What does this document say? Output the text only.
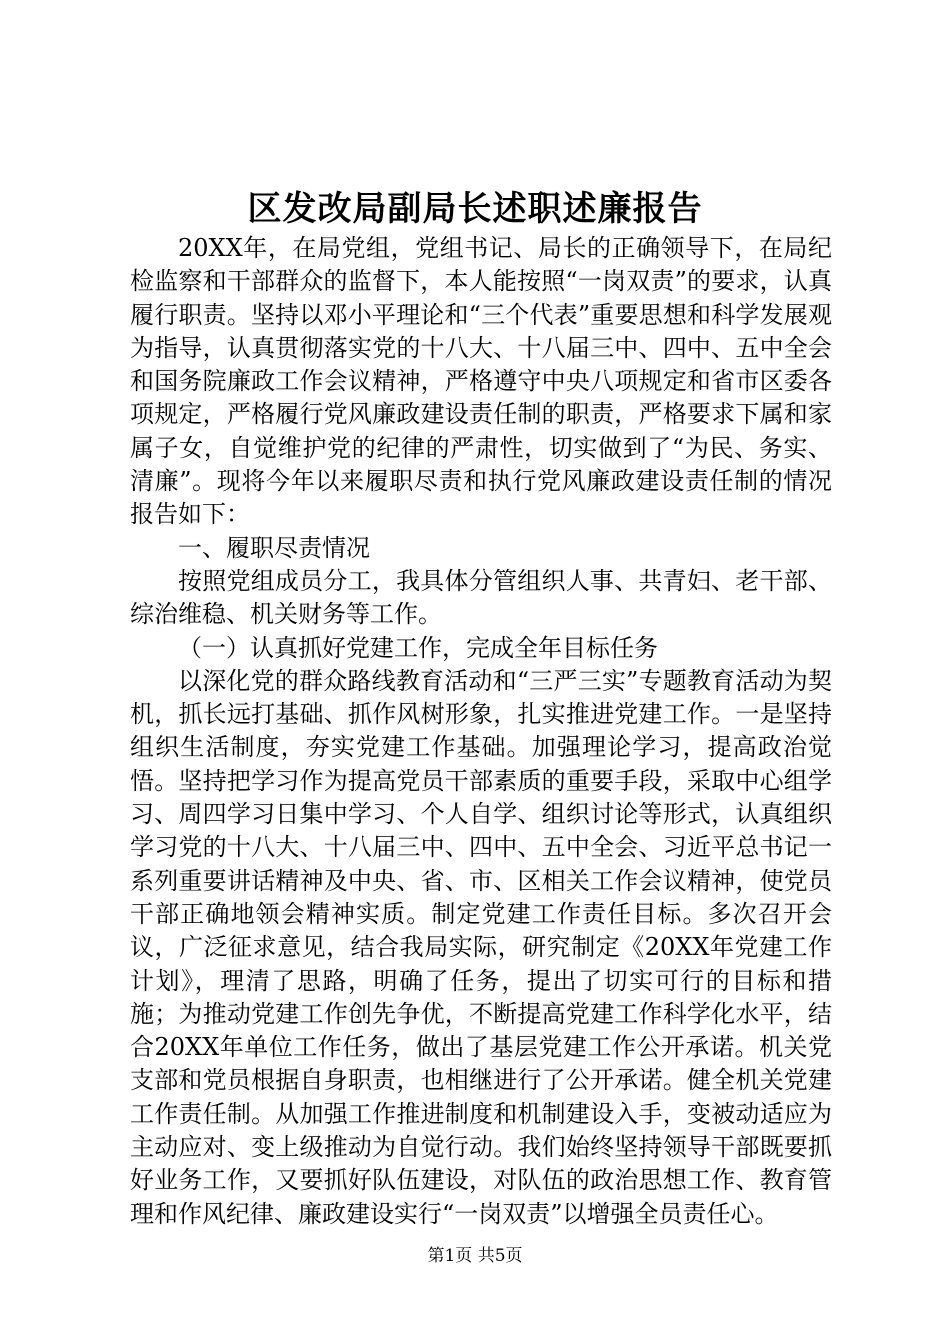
区发改局副局长述职述廉报告

20XX年，在局党组，党组书记、局长的正确领导下，在局纪检监察和干部群众的监督下，本人能按照“一岗双责”的要求，认真履行职责。坚持以邓小平理论和“三个代表”重要思想和科学发展观为指导，认真贯彻落实党的十八大、十八届三中、四中、五中全会和国务院廉政工作会议精神，严格遵守中央八项规定和省市区委各项规定，严格履行党风廉政建设责任制的职责，严格要求下属和家属子女，自觉维护党的纪律的严肃性，切实做到了“为民、务实、清廉”。现将今年以来履职尽责和执行党风廉政建设责任制的情况报告如下：

一、履职尽责情况

按照党组成员分工，我具体分管组织人事、共青妇、老干部、综治维稳、机关财务等工作。

（一）认真抓好党建工作，完成全年目标任务

以深化党的群众路线教育活动和“三严三实”专题教育活动为契机，抓长远打基础、抓作风树形象，扎实推进党建工作。一是坚持组织生活制度，夯实党建工作基础。加强理论学习，提高政治觉悟。坚持把学习作为提高党员干部素质的重要手段，采取中心组学习、周四学习日集中学习、个人自学、组织讨论等形式，认真组织学习党的十八大、十八届三中、四中、五中全会、习近平总书记一系列重要讲话精神及中央、省、市、区相关工作会议精神，使党员干部正确地领会精神实质。制定党建工作责任目标。多次召开会议，广泛征求意见，结合我局实际，研究制定《20XX年党建工作计划》，理清了思路，明确了任务，提出了切实可行的目标和措施；为推动党建工作创先争优，不断提高党建工作科学化水平，结合20XX年单位工作任务，做出了基层党建工作公开承诺。机关党支部和党员根据自身职责，也相继进行了公开承诺。健全机关党建工作责任制。从加强工作推进制度和机制建设入手，变被动适应为主动应对、变上级推动为自觉行动。我们始终坚持领导干部既要抓好业务工作，又要抓好队伍建设，对队伍的政治思想工作、教育管理和作风纪律、廉政建设实行“一岗双责”以增强全员责任心。

第1页 共5页
